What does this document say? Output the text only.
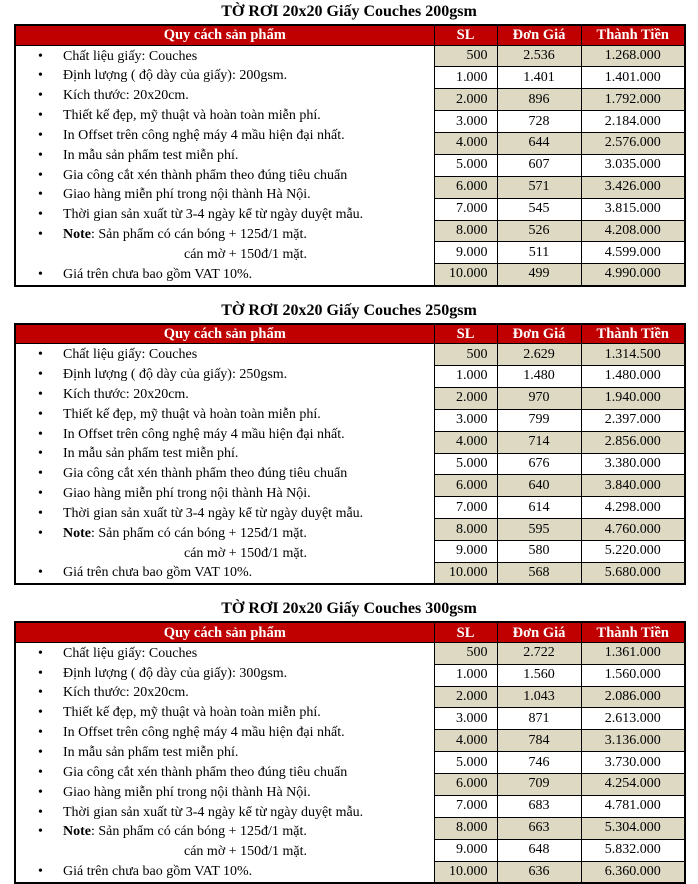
TỜ RƠI 20x20 Giấy Couches 200gsm
Quy cách sản phẩm	SL	Đơn Giá	Thành Tiền

• Chất liệu giấy: Couches
• Định lượng ( độ dày của giấy): 200gsm.
• Kích thước: 20x20cm.
• Thiết kế đẹp, mỹ thuật và hoàn toàn miễn phí.
• In Offset trên công nghệ máy 4 mầu hiện đại nhất.
• In mẫu sản phẩm test miễn phí.
• Gia công cắt xén thành phẩm theo đúng tiêu chuẩn
• Giao hàng miễn phí trong nội thành Hà Nội.
• Thời gian sản xuất từ 3-4 ngày kể từ ngày duyệt mẫu.
• Note: Sản phẩm có cán bóng + 125đ/1 mặt.
cán mờ + 150đ/1 mặt.
• Giá trên chưa bao gồm VAT 10%.
	500	2.536	1.268.000
	1.000	1.401	1.401.000
	2.000	896	1.792.000
	3.000	728	2.184.000
	4.000	644	2.576.000
	5.000	607	3.035.000
	6.000	571	3.426.000
	7.000	545	3.815.000
	8.000	526	4.208.000
	9.000	511	4.599.000
	10.000	499	4.990.000
TỜ RƠI 20x20 Giấy Couches 250gsm
Quy cách sản phẩm	SL	Đơn Giá	Thành Tiền

• Chất liệu giấy: Couches
• Định lượng ( độ dày của giấy): 250gsm.
• Kích thước: 20x20cm.
• Thiết kế đẹp, mỹ thuật và hoàn toàn miễn phí.
• In Offset trên công nghệ máy 4 mầu hiện đại nhất.
• In mẫu sản phẩm test miễn phí.
• Gia công cắt xén thành phẩm theo đúng tiêu chuẩn
• Giao hàng miễn phí trong nội thành Hà Nội.
• Thời gian sản xuất từ 3-4 ngày kể từ ngày duyệt mẫu.
• Note: Sản phẩm có cán bóng + 125đ/1 mặt.
cán mờ + 150đ/1 mặt.
• Giá trên chưa bao gồm VAT 10%.
	500	2.629	1.314.500
	1.000	1.480	1.480.000
	2.000	970	1.940.000
	3.000	799	2.397.000
	4.000	714	2.856.000
	5.000	676	3.380.000
	6.000	640	3.840.000
	7.000	614	4.298.000
	8.000	595	4.760.000
	9.000	580	5.220.000
	10.000	568	5.680.000
TỜ RƠI 20x20 Giấy Couches 300gsm
Quy cách sản phẩm	SL	Đơn Giá	Thành Tiền

• Chất liệu giấy: Couches
• Định lượng ( độ dày của giấy): 300gsm.
• Kích thước: 20x20cm.
• Thiết kế đẹp, mỹ thuật và hoàn toàn miễn phí.
• In Offset trên công nghệ máy 4 mầu hiện đại nhất.
• In mẫu sản phẩm test miễn phí.
• Gia công cắt xén thành phẩm theo đúng tiêu chuẩn
• Giao hàng miễn phí trong nội thành Hà Nội.
• Thời gian sản xuất từ 3-4 ngày kể từ ngày duyệt mẫu.
• Note: Sản phẩm có cán bóng + 125đ/1 mặt.
cán mờ + 150đ/1 mặt.
• Giá trên chưa bao gồm VAT 10%.
	500	2.722	1.361.000
	1.000	1.560	1.560.000
	2.000	1.043	2.086.000
	3.000	871	2.613.000
	4.000	784	3.136.000
	5.000	746	3.730.000
	6.000	709	4.254.000
	7.000	683	4.781.000
	8.000	663	5.304.000
	9.000	648	5.832.000
	10.000	636	6.360.000
